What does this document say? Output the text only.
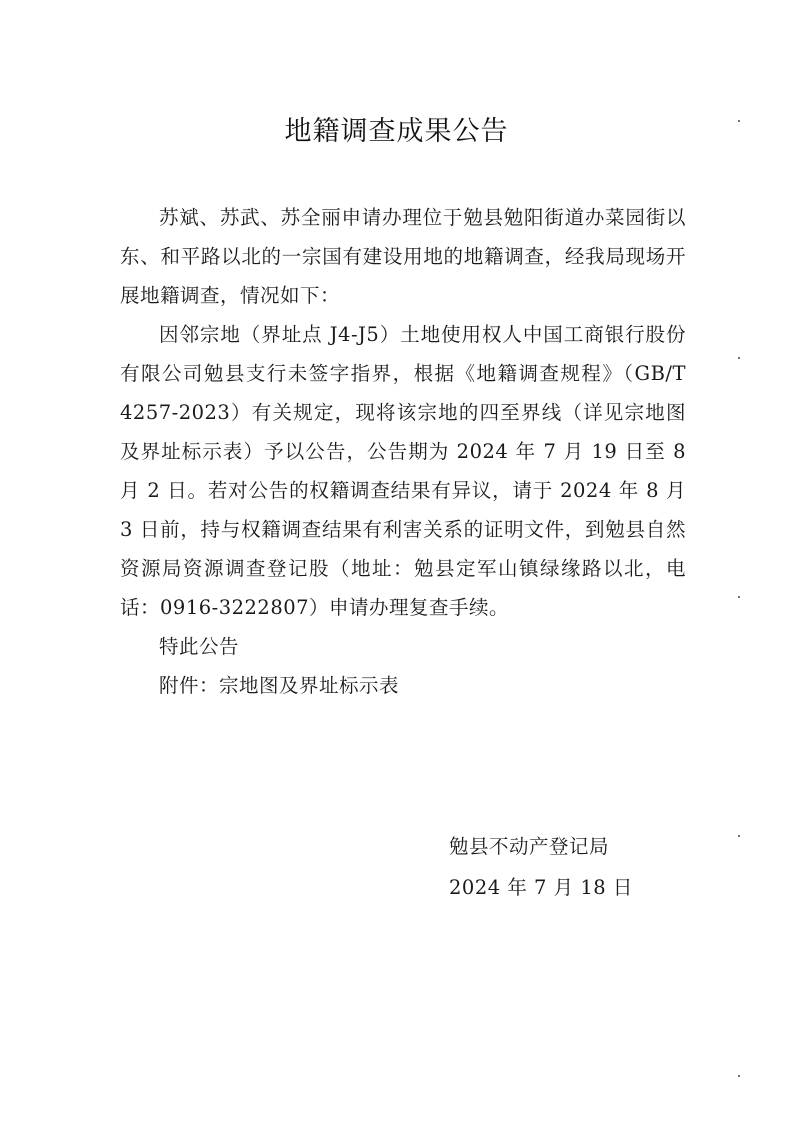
地籍调查成果公告

苏斌、苏武、苏全丽申请办理位于勉县勉阳街道办菜园街以东、和平路以北的一宗国有建设用地的地籍调查，经我局现场开展地籍调查，情况如下：

因邻宗地（界址点 J4-J5）土地使用权人中国工商银行股份有限公司勉县支行未签字指界，根据《地籍调查规程》（GB/T 4257-2023）有关规定，现将该宗地的四至界线（详见宗地图及界址标示表）予以公告，公告期为 2024 年 7 月 19 日至 8 月 2 日。若对公告的权籍调查结果有异议，请于 2024 年 8 月 3 日前，持与权籍调查结果有利害关系的证明文件，到勉县自然资源局资源调查登记股（地址：勉县定军山镇绿缘路以北，电话：0916-3222807）申请办理复查手续。

特此公告

附件：宗地图及界址标示表

勉县不动产登记局
2024 年 7 月 18 日
